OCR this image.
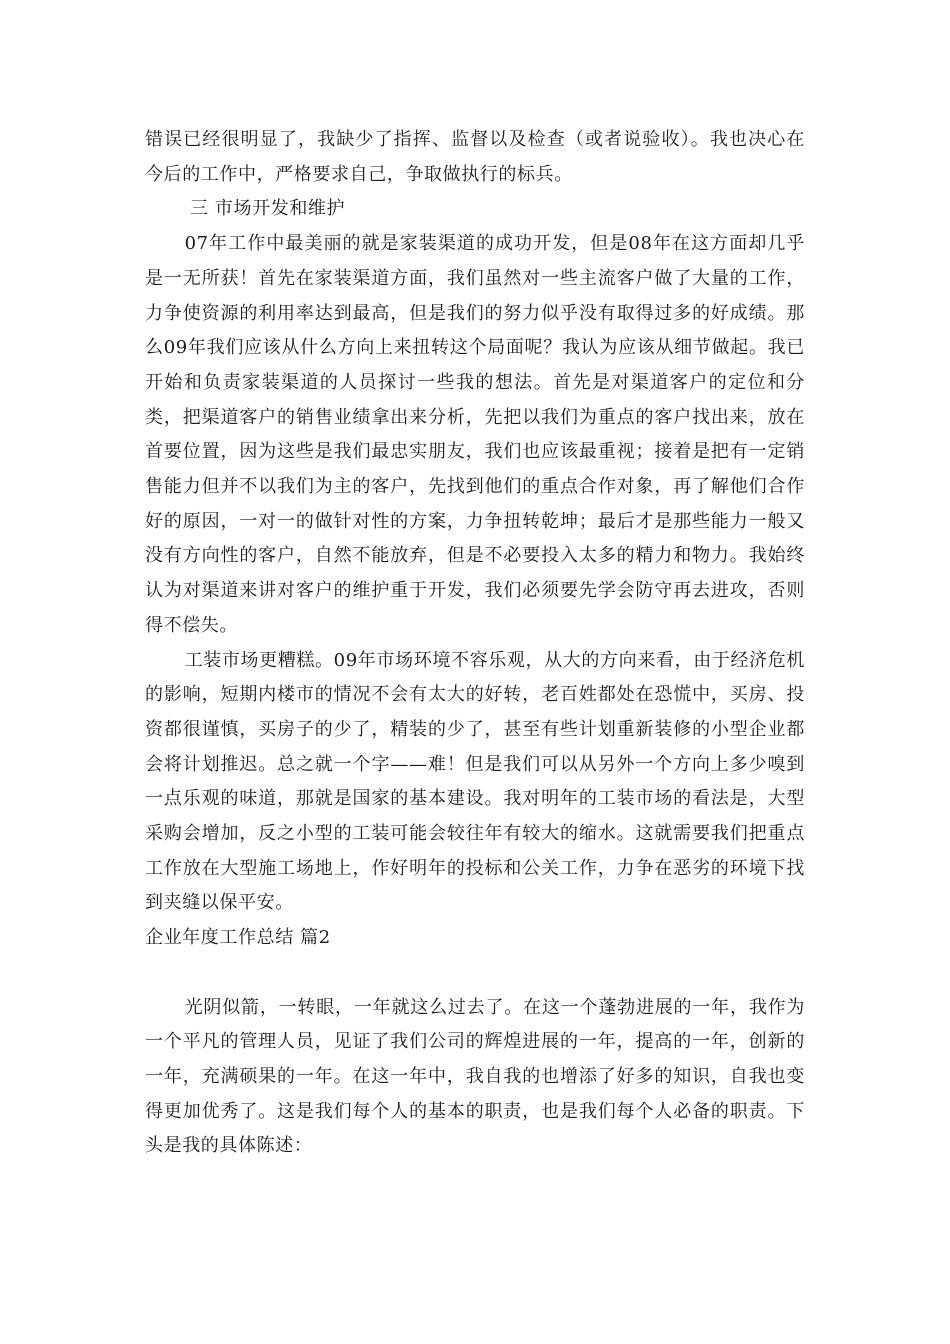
错误已经很明显了，我缺少了指挥、监督以及检查（或者说验收）。我也决心在今后的工作中，严格要求自己，争取做执行的标兵。

三 市场开发和维护

07年工作中最美丽的就是家装渠道的成功开发，但是08年在这方面却几乎是一无所获！首先在家装渠道方面，我们虽然对一些主流客户做了大量的工作，力争使资源的利用率达到最高，但是我们的努力似乎没有取得过多的好成绩。那么09年我们应该从什么方向上来扭转这个局面呢？我认为应该从细节做起。我已开始和负责家装渠道的人员探讨一些我的想法。首先是对渠道客户的定位和分类，把渠道客户的销售业绩拿出来分析，先把以我们为重点的客户找出来，放在首要位置，因为这些是我们最忠实朋友，我们也应该最重视；接着是把有一定销售能力但并不以我们为主的客户，先找到他们的重点合作对象，再了解他们合作好的原因，一对一的做针对性的方案，力争扭转乾坤；最后才是那些能力一般又没有方向性的客户，自然不能放弃，但是不必要投入太多的精力和物力。我始终认为对渠道来讲对客户的维护重于开发，我们必须要先学会防守再去进攻，否则得不偿失。

工装市场更糟糕。09年市场环境不容乐观，从大的方向来看，由于经济危机的影响，短期内楼市的情况不会有太大的好转，老百姓都处在恐慌中，买房、投资都很谨慎，买房子的少了，精装的少了，甚至有些计划重新装修的小型企业都会将计划推迟。总之就一个字——难！但是我们可以从另外一个方向上多少嗅到一点乐观的味道，那就是国家的基本建设。我对明年的工装市场的看法是，大型采购会增加，反之小型的工装可能会较往年有较大的缩水。这就需要我们把重点工作放在大型施工场地上，作好明年的投标和公关工作，力争在恶劣的环境下找到夹缝以保平安。

企业年度工作总结 篇2

光阴似箭，一转眼，一年就这么过去了。在这一个蓬勃进展的一年，我作为一个平凡的管理人员，见证了我们公司的辉煌进展的一年，提高的一年，创新的一年，充满硕果的一年。在这一年中，我自我的也增添了好多的知识，自我也变得更加优秀了。这是我们每个人的基本的职责，也是我们每个人必备的职责。下头是我的具体陈述：
